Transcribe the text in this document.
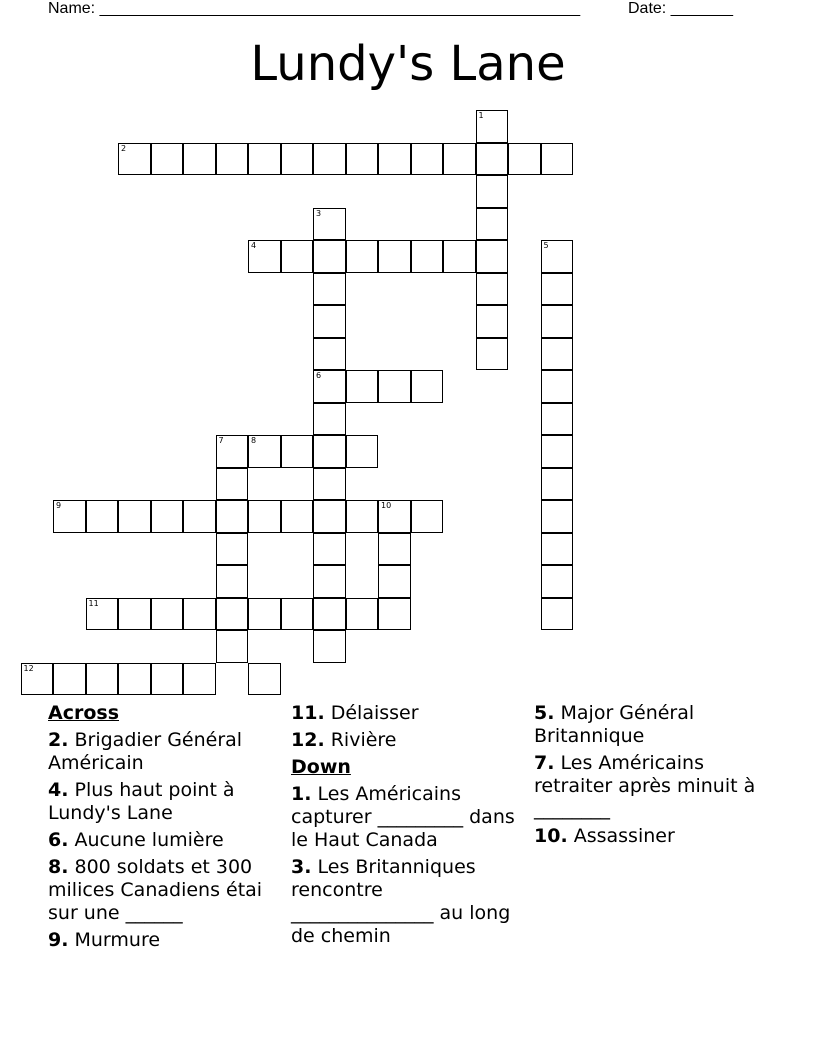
Name: ______________________________________________________	Date: _______
Lundy's Lane
2
1
3
6
4	5
7	8
9	10
11
12
Across
2. Brigadier Général Américain
4. Plus haut point à Lundy's Lane
6. Aucune lumière
8. 800 soldats et 300 milices Canadiens étai sur une ______
9. Murmure
11. Délaisser
12. Rivière
Down
1. Les Américains capturer _________ dans le Haut Canada
3. Les Britanniques rencontre _______________ au long de chemin
5. Major Général Britannique
7. Les Américains retraiter après minuit à ________
10. Assassiner
